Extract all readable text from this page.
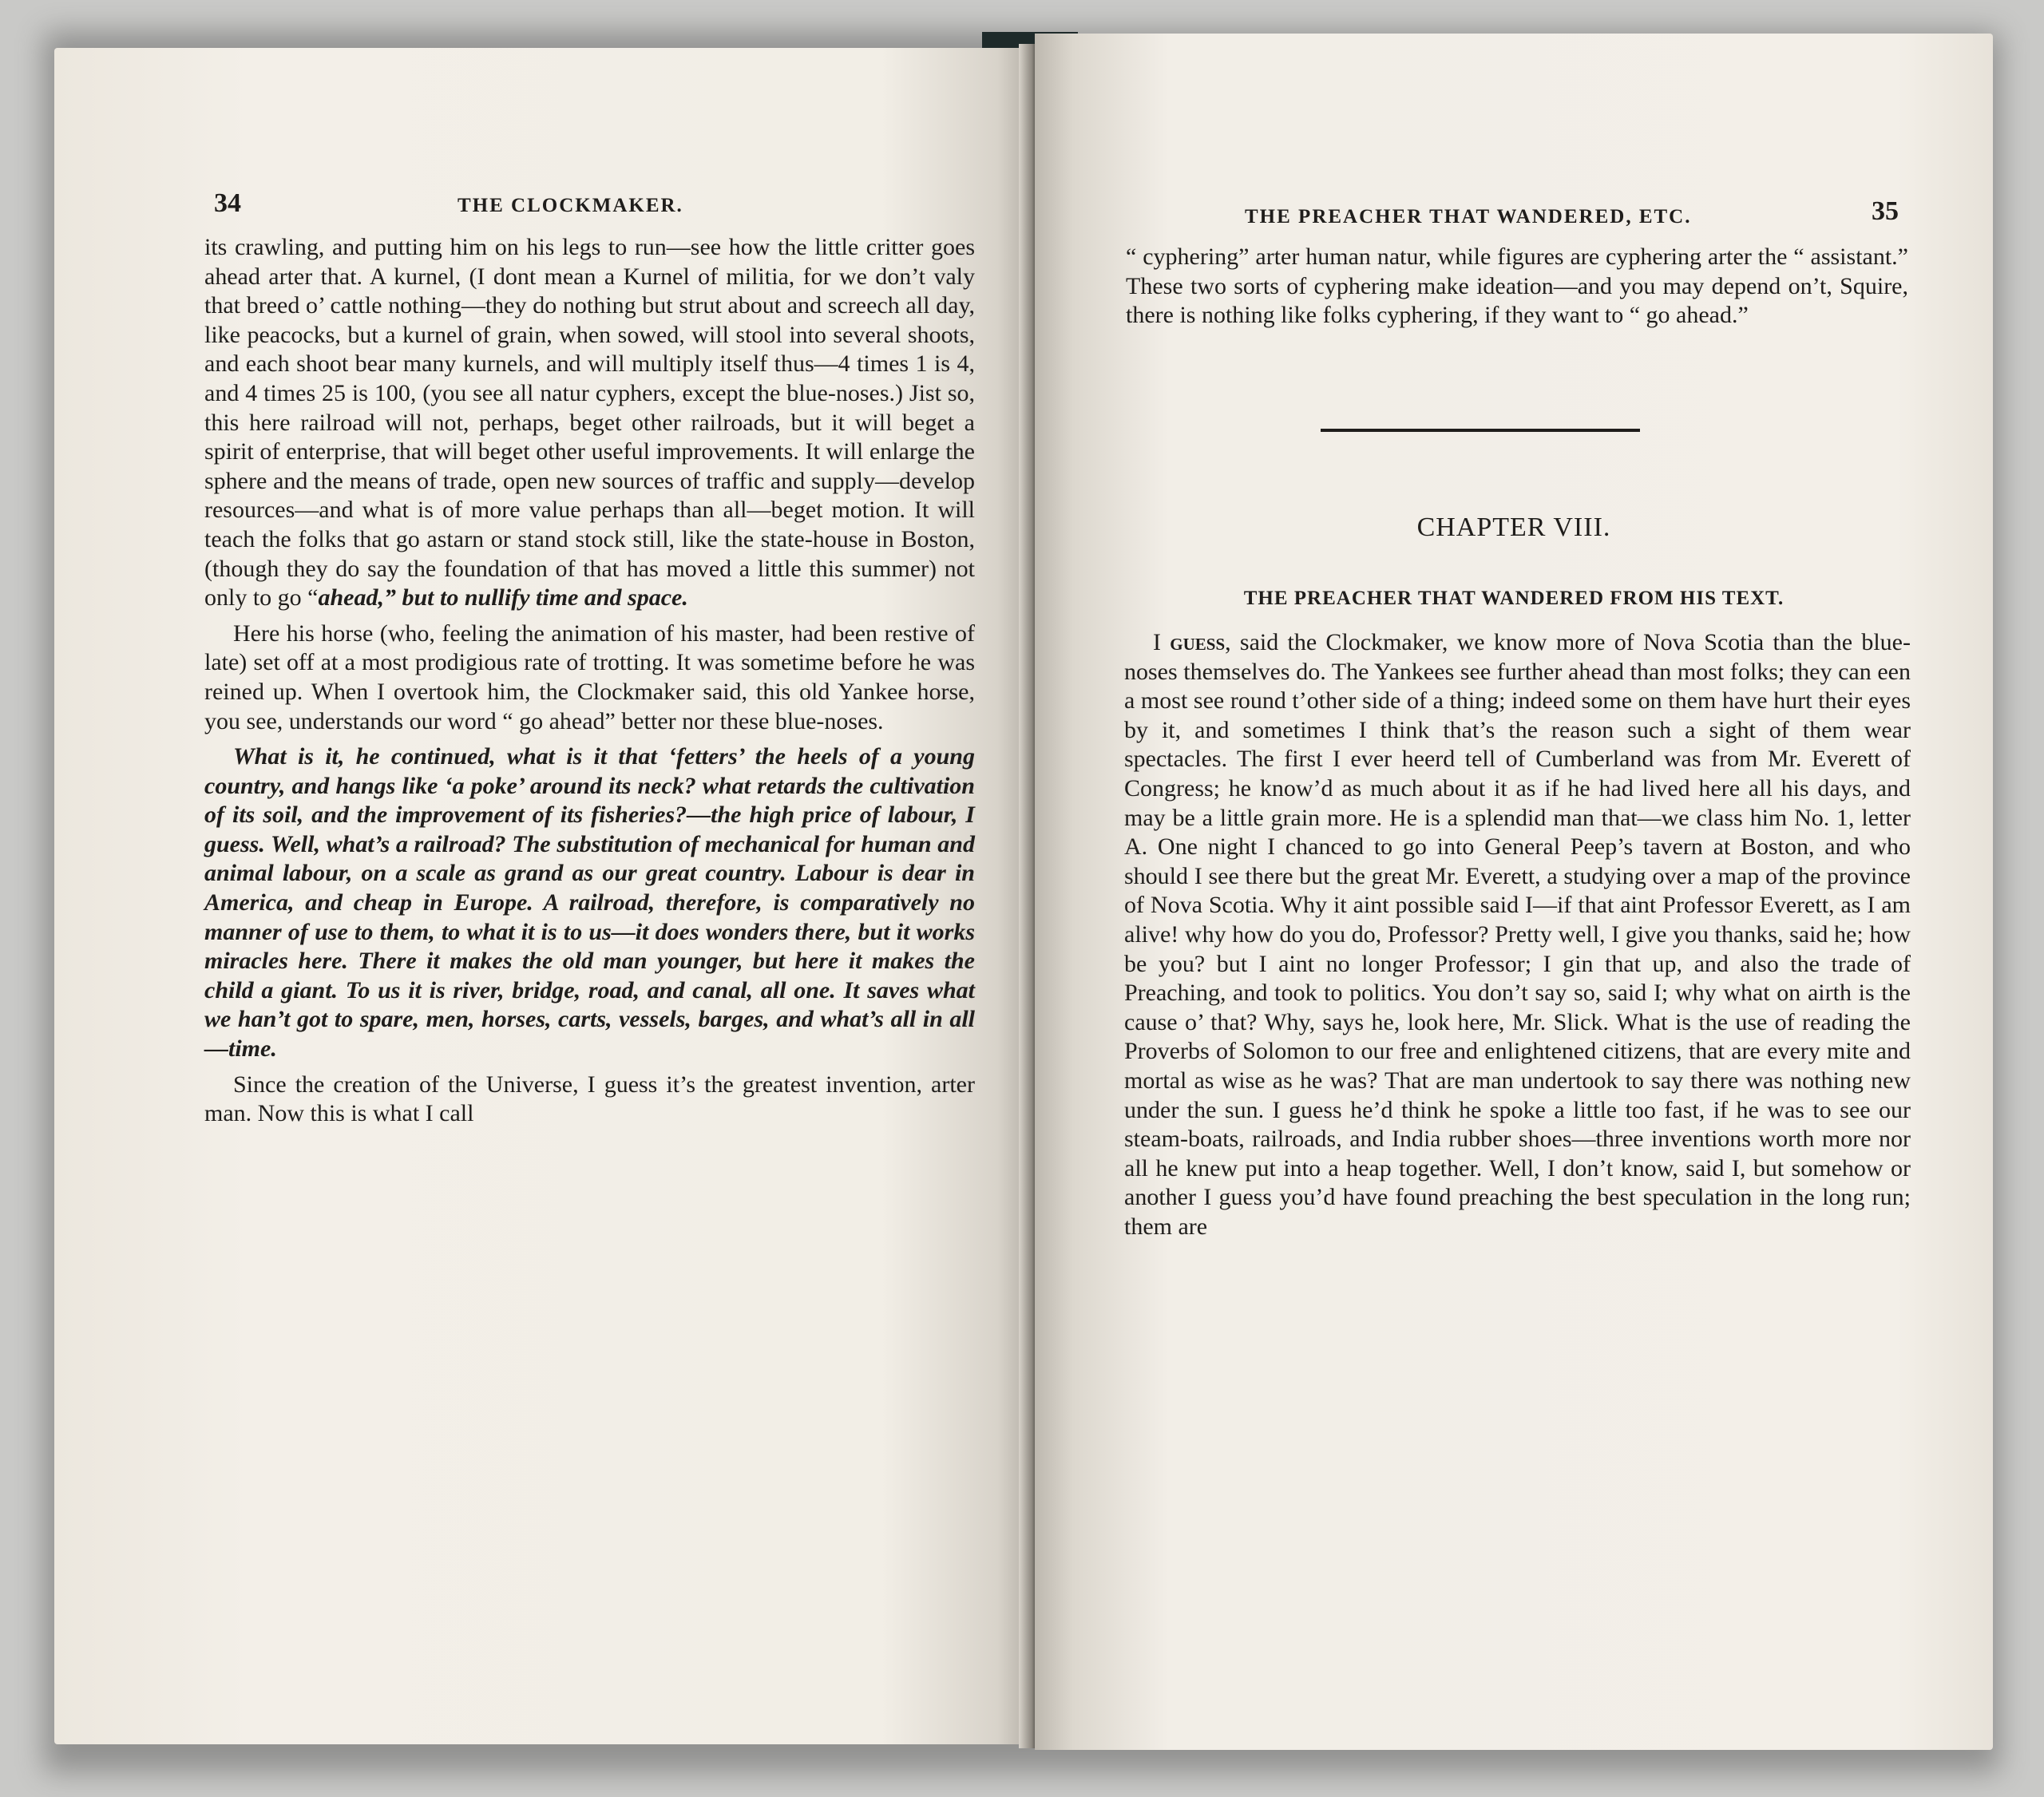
34	THE CLOCKMAKER.

its crawling, and putting him on his legs to run—see how the little critter goes ahead arter that. A kurnel, (I dont mean a Kurnel of militia, for we don’t valy that breed o’ cattle nothing—they do nothing but strut about and screech all day, like peacocks, but a kurnel of grain, when sowed, will stool into several shoots, and each shoot bear many kurnels, and will multiply itself thus—4 times 1 is 4, and 4 times 25 is 100, (you see all natur cyphers, except the blue-noses.) Jist so, this here railroad will not, perhaps, beget other railroads, but it will beget a spirit of enterprise, that will beget other useful improvements. It will enlarge the sphere and the means of trade, open new sources of traffic and supply—develop resources—and what is of more value perhaps than all—beget motion. It will teach the folks that go astarn or stand stock still, like the state-house in Boston, (though they do say the foundation of that has moved a little this summer) not only to go “ahead,” but to nullify time and space.

Here his horse (who, feeling the animation of his master, had been restive of late) set off at a most prodigious rate of trotting. It was sometime before he was reined up. When I overtook him, the Clockmaker said, this old Yankee horse, you see, understands our word “ go ahead” better nor these blue-noses.

What is it, he continued, what is it that ‘fetters’ the heels of a young country, and hangs like ‘a poke’ around its neck? what retards the cultivation of its soil, and the improvement of its fisheries?—the high price of labour, I guess. Well, what’s a railroad? The substitution of mechanical for human and animal labour, on a scale as grand as our great country. Labour is dear in America, and cheap in Europe. A railroad, therefore, is comparatively no manner of use to them, to what it is to us—it does wonders there, but it works miracles here. There it makes the old man younger, but here it makes the child a giant. To us it is river, bridge, road, and canal, all one. It saves what we han’t got to spare, men, horses, carts, vessels, barges, and what’s all in all—time.

Since the creation of the Universe, I guess it’s the greatest invention, arter man. Now this is what I call

THE PREACHER THAT WANDERED, ETC.	35

“ cyphering” arter human natur, while figures are cyphering arter the “ assistant.” These two sorts of cyphering make ideation—and you may depend on’t, Squire, there is nothing like folks cyphering, if they want to “ go ahead.”

CHAPTER VIII.
THE PREACHER THAT WANDERED FROM HIS TEXT.

I guess, said the Clockmaker, we know more of Nova Scotia than the blue-noses themselves do. The Yankees see further ahead than most folks; they can een a most see round t’other side of a thing; indeed some on them have hurt their eyes by it, and sometimes I think that’s the reason such a sight of them wear spectacles. The first I ever heerd tell of Cumberland was from Mr. Everett of Congress; he know’d as much about it as if he had lived here all his days, and may be a little grain more. He is a splendid man that—we class him No. 1, letter A. One night I chanced to go into General Peep’s tavern at Boston, and who should I see there but the great Mr. Everett, a studying over a map of the province of Nova Scotia. Why it aint possible said I—if that aint Professor Everett, as I am alive! why how do you do, Professor? Pretty well, I give you thanks, said he; how be you? but I aint no longer Professor; I gin that up, and also the trade of Preaching, and took to politics. You don’t say so, said I; why what on airth is the cause o’ that? Why, says he, look here, Mr. Slick. What is the use of reading the Proverbs of Solomon to our free and enlightened citizens, that are every mite and mortal as wise as he was? That are man undertook to say there was nothing new under the sun. I guess he’d think he spoke a little too fast, if he was to see our steam-boats, railroads, and India rubber shoes—three inventions worth more nor all he knew put into a heap together. Well, I don’t know, said I, but somehow or another I guess you’d have found preaching the best speculation in the long run; them are
